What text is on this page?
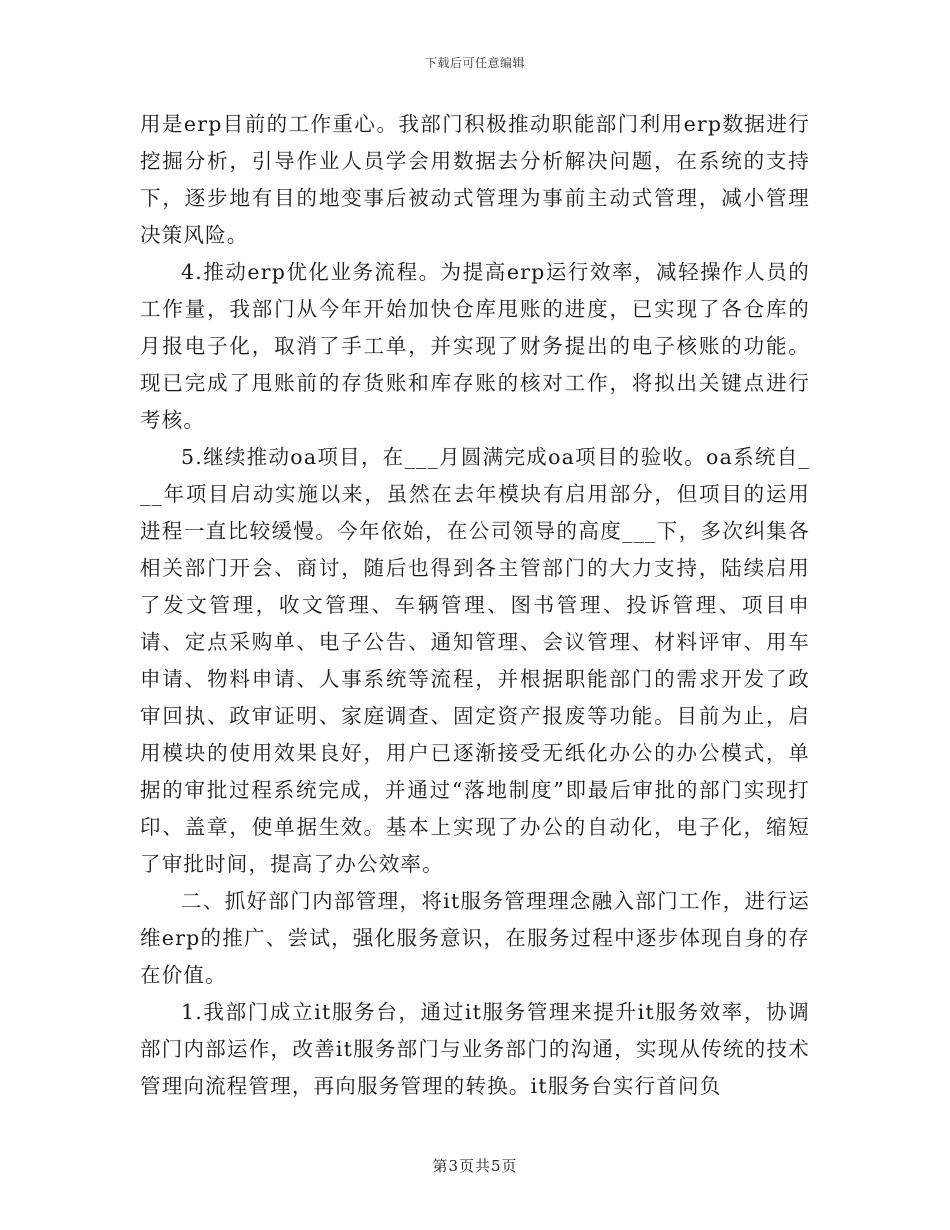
下载后可任意编辑

用是erp目前的工作重心。我部门积极推动职能部门利用erp数据进行挖掘分析，引导作业人员学会用数据去分析解决问题，在系统的支持下，逐步地有目的地变事后被动式管理为事前主动式管理，减小管理决策风险。

4.推动erp优化业务流程。为提高erp运行效率，减轻操作人员的工作量，我部门从今年开始加快仓库甩账的进度，已实现了各仓库的月报电子化，取消了手工单，并实现了财务提出的电子核账的功能。现已完成了甩账前的存货账和库存账的核对工作，将拟出关键点进行考核。

5.继续推动oa项目，在___月圆满完成oa项目的验收。oa系统自___年项目启动实施以来，虽然在去年模块有启用部分，但项目的运用进程一直比较缓慢。今年依始，在公司领导的高度___下，多次纠集各相关部门开会、商讨，随后也得到各主管部门的大力支持，陆续启用了发文管理，收文管理、车辆管理、图书管理、投诉管理、项目申请、定点采购单、电子公告、通知管理、会议管理、材料评审、用车申请、物料申请、人事系统等流程，并根据职能部门的需求开发了政审回执、政审证明、家庭调查、固定资产报废等功能。目前为止，启用模块的使用效果良好，用户已逐渐接受无纸化办公的办公模式，单据的审批过程系统完成，并通过“落地制度”即最后审批的部门实现打印、盖章，使单据生效。基本上实现了办公的自动化，电子化，缩短了审批时间，提高了办公效率。

二、抓好部门内部管理，将it服务管理理念融入部门工作，进行运维erp的推广、尝试，强化服务意识，在服务过程中逐步体现自身的存在价值。

1.我部门成立it服务台，通过it服务管理来提升it服务效率，协调部门内部运作，改善it服务部门与业务部门的沟通，实现从传统的技术管理向流程管理，再向服务管理的转换。it服务台实行首问负

第3页共5页
